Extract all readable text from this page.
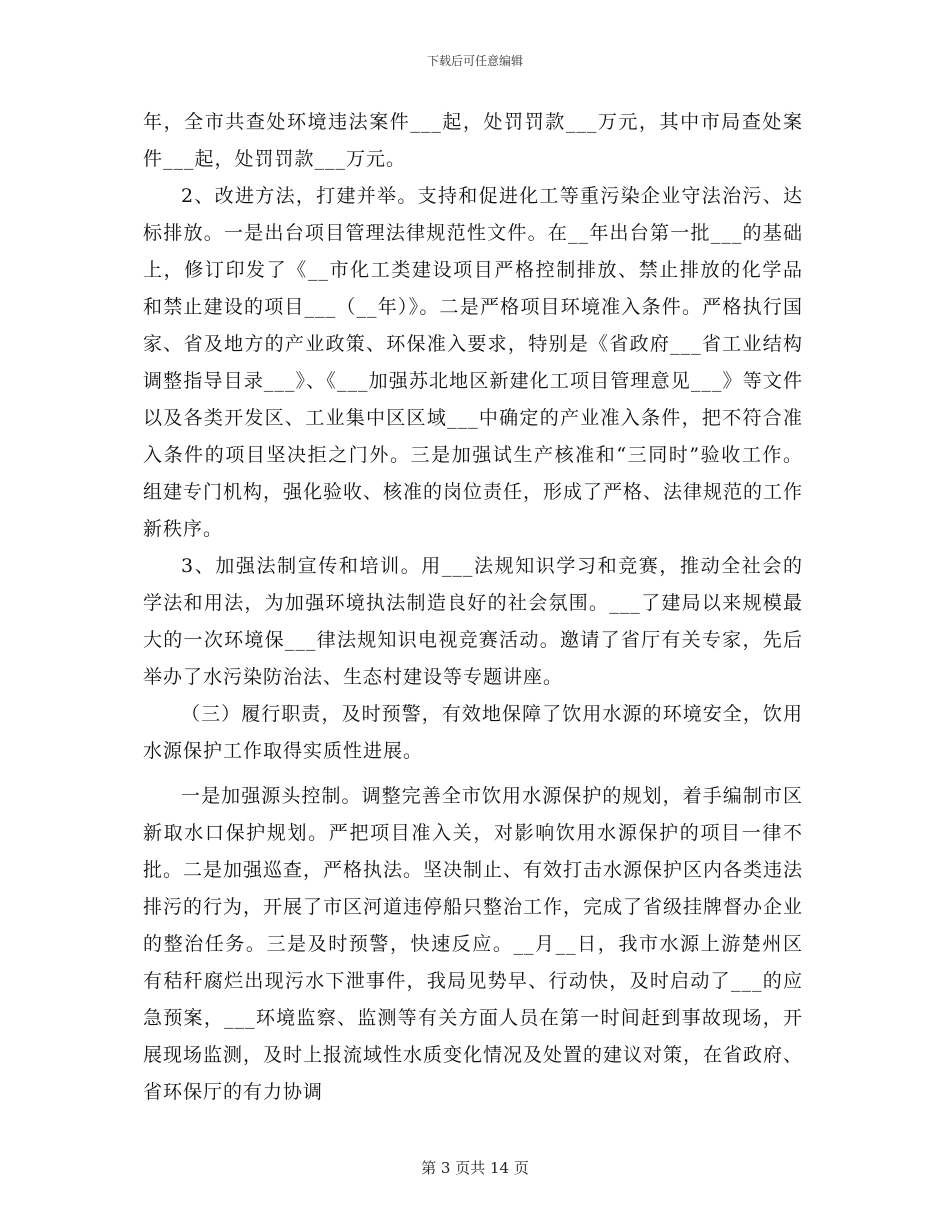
下载后可任意编辑

年，全市共查处环境违法案件___起，处罚罚款___万元，其中市局查处案件___起，处罚罚款___万元。

2、改进方法，打建并举。支持和促进化工等重污染企业守法治污、达标排放。一是出台项目管理法律规范性文件。在__年出台第一批___的基础上，修订印发了《__市化工类建设项目严格控制排放、禁止排放的化学品和禁止建设的项目___（__年）》。二是严格项目环境准入条件。严格执行国家、省及地方的产业政策、环保准入要求，特别是《省政府___省工业结构调整指导目录___》、《___加强苏北地区新建化工项目管理意见___》等文件以及各类开发区、工业集中区区域___中确定的产业准入条件，把不符合准入条件的项目坚决拒之门外。三是加强试生产核准和“三同时”验收工作。组建专门机构，强化验收、核准的岗位责任，形成了严格、法律规范的工作新秩序。

3、加强法制宣传和培训。用___法规知识学习和竞赛，推动全社会的学法和用法，为加强环境执法制造良好的社会氛围。___了建局以来规模最大的一次环境保___律法规知识电视竞赛活动。邀请了省厅有关专家，先后举办了水污染防治法、生态村建设等专题讲座。

（三）履行职责，及时预警，有效地保障了饮用水源的环境安全，饮用水源保护工作取得实质性进展。

一是加强源头控制。调整完善全市饮用水源保护的规划，着手编制市区新取水口保护规划。严把项目准入关，对影响饮用水源保护的项目一律不批。二是加强巡查，严格执法。坚决制止、有效打击水源保护区内各类违法排污的行为，开展了市区河道违停船只整治工作，完成了省级挂牌督办企业的整治任务。三是及时预警，快速反应。__月__日，我市水源上游楚州区有秸秆腐烂出现污水下泄事件，我局见势早、行动快，及时启动了___的应急预案，___环境监察、监测等有关方面人员在第一时间赶到事故现场，开展现场监测，及时上报流域性水质变化情况及处置的建议对策，在省政府、省环保厅的有力协调

第 3 页共 14 页
